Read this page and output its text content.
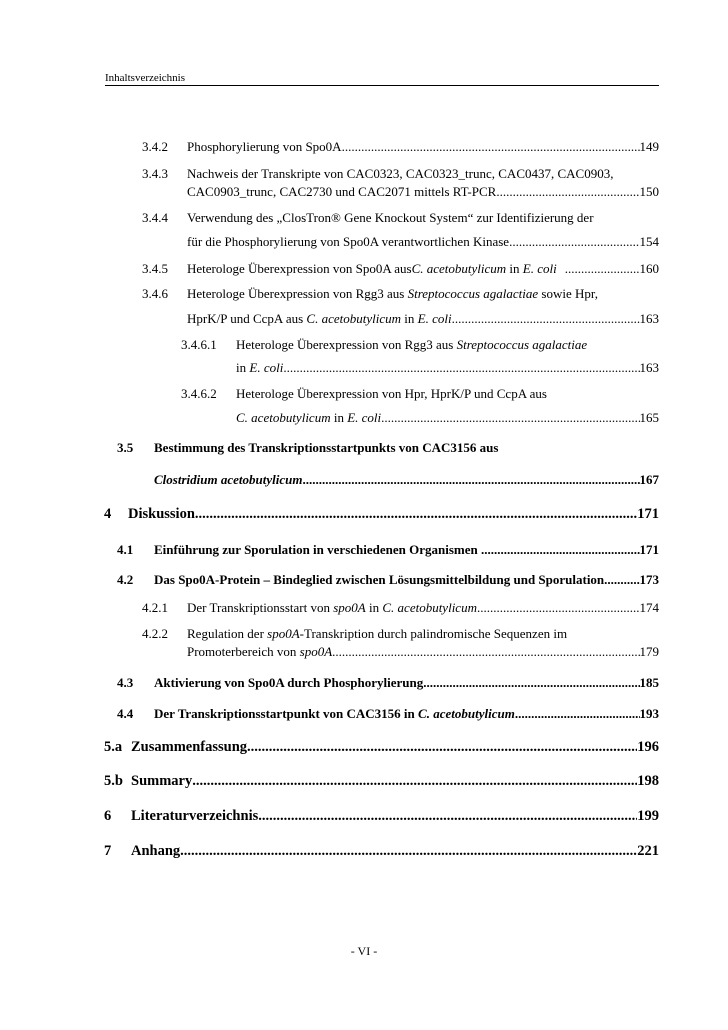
Inhaltsverzeichnis
3.4.2 Phosphorylierung von Spo0A .....	149
3.4.3 Nachweis der Transkripte von CAC0323, CAC0323_trunc, CAC0437, CAC0903,
CAC0903_trunc, CAC2730 und CAC2071 mittels RT-PCR .....	150
3.4.4 Verwendung des „ClosTron® Gene Knockout System“ zur Identifizierung der
für die Phosphorylierung von Spo0A verantwortlichen Kinase .....	154
3.4.5 Heterologe Überexpression von Spo0A aus C. acetobutylicum in E. coli .....	160
3.4.6 Heterologe Überexpression von Rgg3 aus Streptococcus agalactiae sowie Hpr,
HprK/P und CcpA aus C. acetobutylicum in E. coli .....	163
3.4.6.1 Heterologe Überexpression von Rgg3 aus Streptococcus agalactiae
in E. coli .....	163
3.4.6.2 Heterologe Überexpression von Hpr, HprK/P und CcpA aus
C. acetobutylicum in E. coli .....	165
3.5 Bestimmung des Transkriptionsstartpunkts von CAC3156 aus
Clostridium acetobutylicum .....	167
4 Diskussion .....	171
4.1 Einführung zur Sporulation in verschiedenen Organismen .....	171
4.2 Das Spo0A-Protein – Bindeglied zwischen Lösungsmittelbildung und Sporulation .....	173
4.2.1 Der Transkriptionsstart von spo0A in C. acetobutylicum .....	174
4.2.2 Regulation der spo0A-Transkription durch palindromische Sequenzen im
Promoterbereich von spo0A .....	179
4.3 Aktivierung von Spo0A durch Phosphorylierung .....	185
4.4 Der Transkriptionsstartpunkt von CAC3156 in C. acetobutylicum .....	193
5.a Zusammenfassung .....	196
5.b Summary .....	198
6 Literaturverzeichnis .....	199
7 Anhang .....	221
- VI -
